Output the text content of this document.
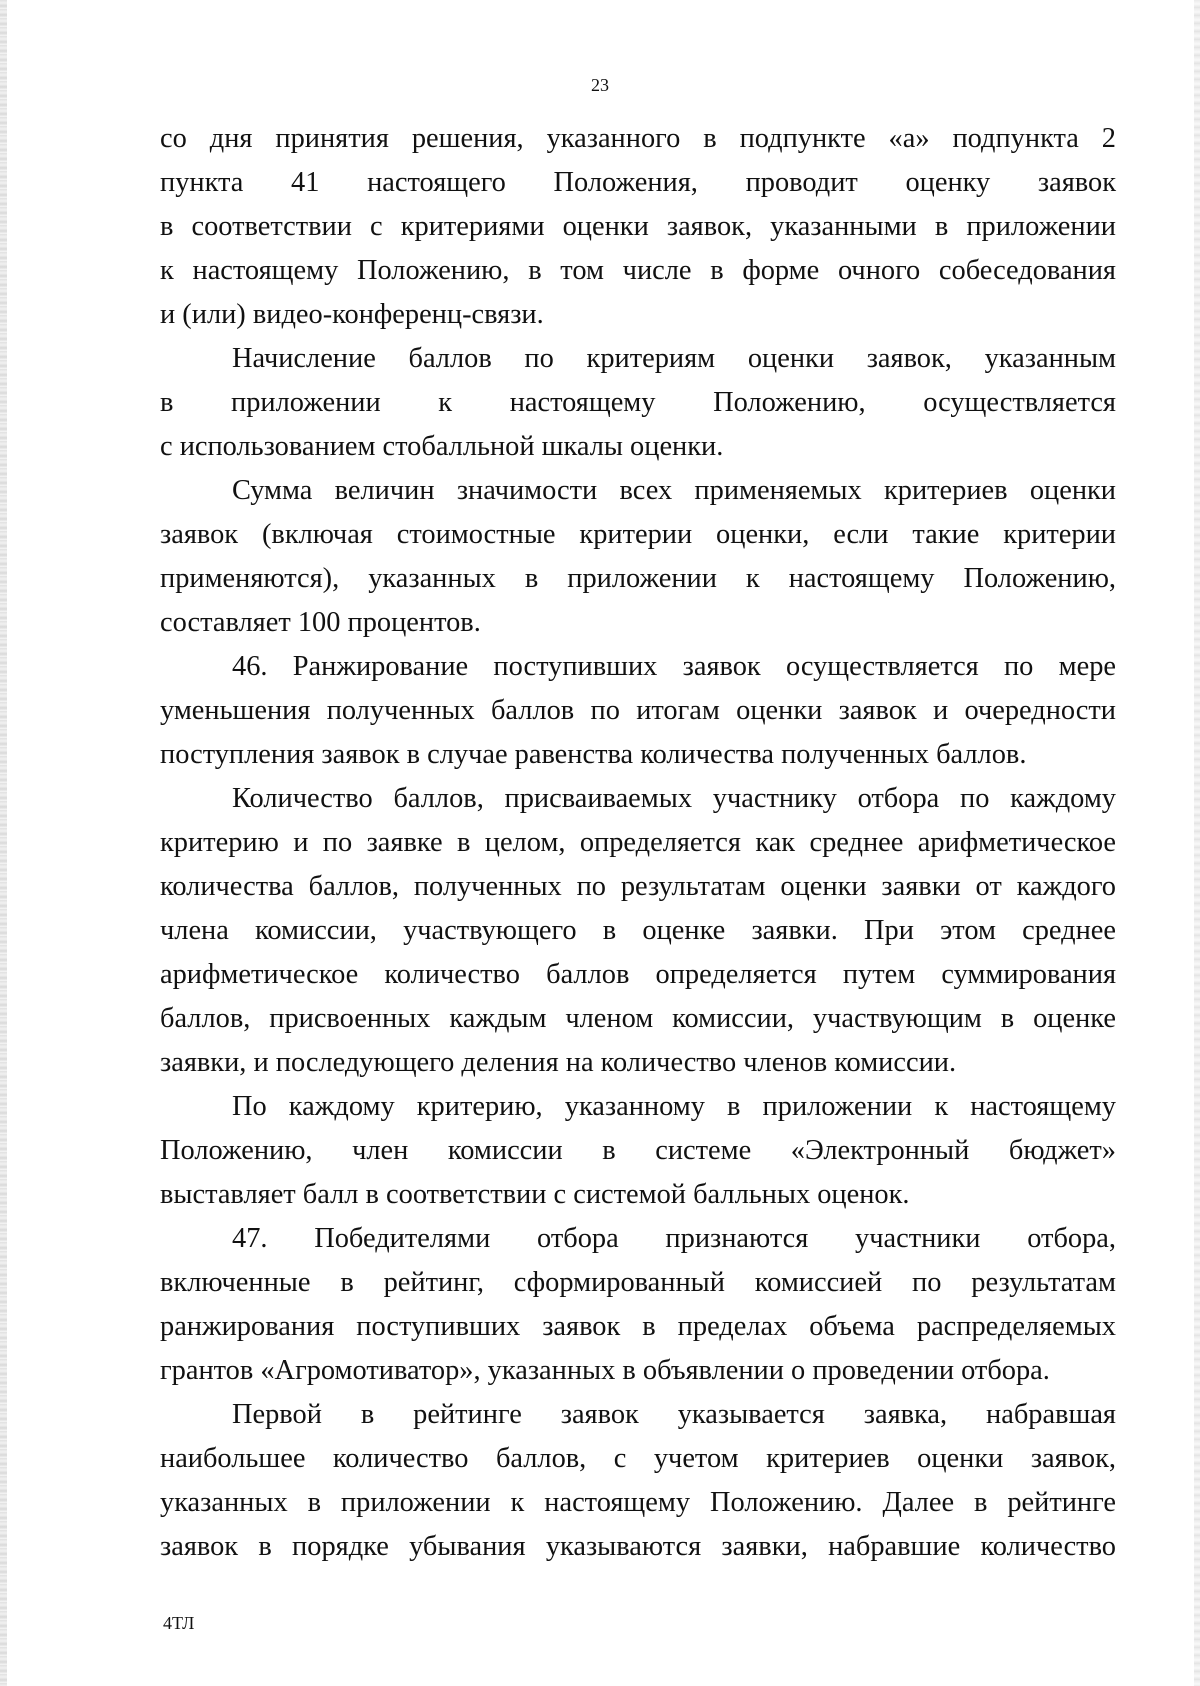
23

со дня принятия решения, указанного в подпункте «а» подпункта 2

пункта 41 настоящего Положения, проводит оценку заявок

в соответствии с критериями оценки заявок, указанными в приложении

к настоящему Положению, в том числе в форме очного собеседования

и (или) видео-конференц-связи.

Начисление баллов по критериям оценки заявок, указанным

в приложении к настоящему Положению, осуществляется

с использованием стобалльной шкалы оценки.

Сумма величин значимости всех применяемых критериев оценки

заявок (включая стоимостные критерии оценки, если такие критерии

применяются), указанных в приложении к настоящему Положению,

составляет 100 процентов.

46. Ранжирование поступивших заявок осуществляется по мере

уменьшения полученных баллов по итогам оценки заявок и очередности

поступления заявок в случае равенства количества полученных баллов.

Количество баллов, присваиваемых участнику отбора по каждому

критерию и по заявке в целом, определяется как среднее арифметическое

количества баллов, полученных по результатам оценки заявки от каждого

члена комиссии, участвующего в оценке заявки. При этом среднее

арифметическое количество баллов определяется путем суммирования

баллов, присвоенных каждым членом комиссии, участвующим в оценке

заявки, и последующего деления на количество членов комиссии.

По каждому критерию, указанному в приложении к настоящему

Положению, член комиссии в системе «Электронный бюджет»

выставляет балл в соответствии с системой балльных оценок.

47. Победителями отбора признаются участники отбора,

включенные в рейтинг, сформированный комиссией по результатам

ранжирования поступивших заявок в пределах объема распределяемых

грантов «Агромотиватор», указанных в объявлении о проведении отбора.

Первой в рейтинге заявок указывается заявка, набравшая

наибольшее количество баллов, с учетом критериев оценки заявок,

указанных в приложении к настоящему Положению. Далее в рейтинге

заявок в порядке убывания указываются заявки, набравшие количество

4ТЛ
